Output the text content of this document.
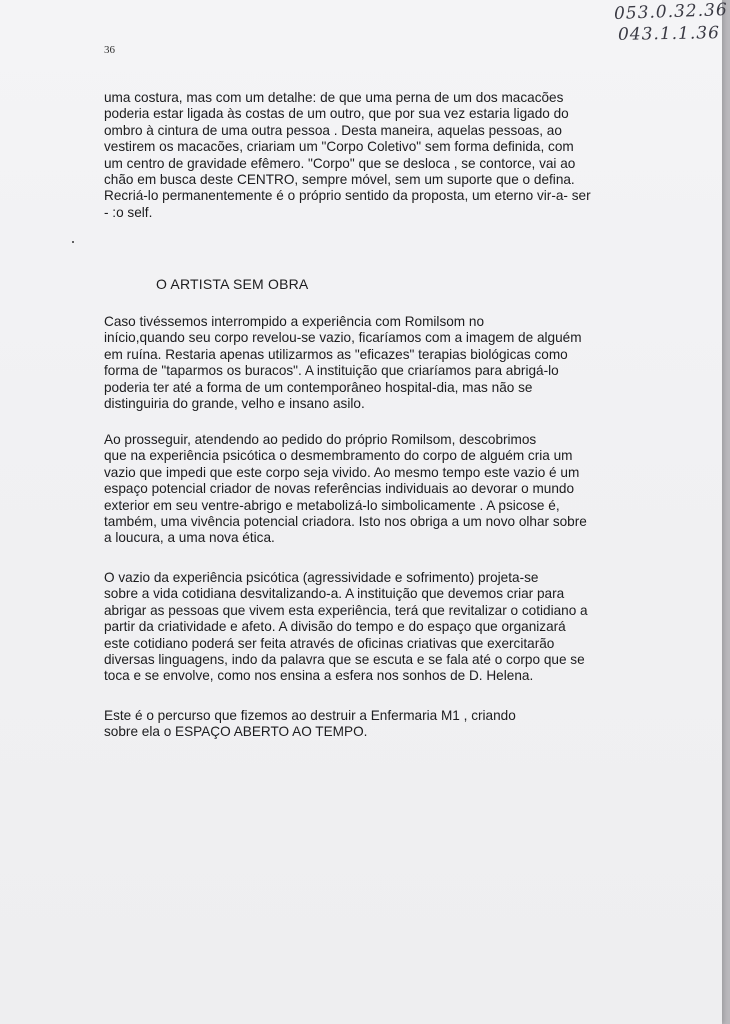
053.0.32.36
043.1.1.36
36
uma costura, mas com um detalhe: de que uma perna de um dos macacões
poderia estar ligada às costas de um outro, que por sua vez estaria ligado do
ombro à cintura de uma outra pessoa . Desta maneira, aquelas pessoas, ao
vestirem os macacões, criariam um "Corpo Coletivo" sem forma definida, com
um centro de gravidade efêmero. "Corpo" que se desloca , se contorce, vai ao
chão em busca deste CENTRO, sempre móvel, sem um suporte que o defina.
Recriá-lo permanentemente é o próprio sentido da proposta, um eterno vir-a- ser
- :o self.
O ARTISTA SEM OBRA
Caso tivéssemos interrompido a experiência com Romilsom no
início,quando seu corpo revelou-se vazio, ficaríamos com a imagem de alguém
em ruína. Restaria apenas utilizarmos as "eficazes" terapias biológicas como
forma de "taparmos os buracos". A instituição que criaríamos para abrigá-lo
poderia ter até a forma de um contemporâneo hospital-dia, mas não se
distinguiria do grande, velho e insano asilo.
Ao prosseguir, atendendo ao pedido do próprio Romilsom, descobrimos
que na experiência psicótica o desmembramento do corpo de alguém cria um
vazio que impedi que este corpo seja vivido. Ao mesmo tempo este vazio é um
espaço potencial criador de novas referências individuais ao devorar o mundo
exterior em seu ventre-abrigo e metabolizá-lo simbolicamente . A psicose é,
também, uma vivência potencial criadora. Isto nos obriga a um novo olhar sobre
a loucura, a uma nova ética.
O vazio da experiência psicótica (agressividade e sofrimento) projeta-se
sobre a vida cotidiana desvitalizando-a. A instituição que devemos criar para
abrigar as pessoas que vivem esta experiência, terá que revitalizar o cotidiano a
partir da criatividade e afeto. A divisão do tempo e do espaço que organizará
este cotidiano poderá ser feita através de oficinas criativas que exercitarão
diversas linguagens, indo da palavra que se escuta e se fala até o corpo que se
toca e se envolve, como nos ensina a esfera nos sonhos de D. Helena.
Este é o percurso que fizemos ao destruir a Enfermaria M1 , criando
sobre ela o ESPAÇO ABERTO AO TEMPO.
